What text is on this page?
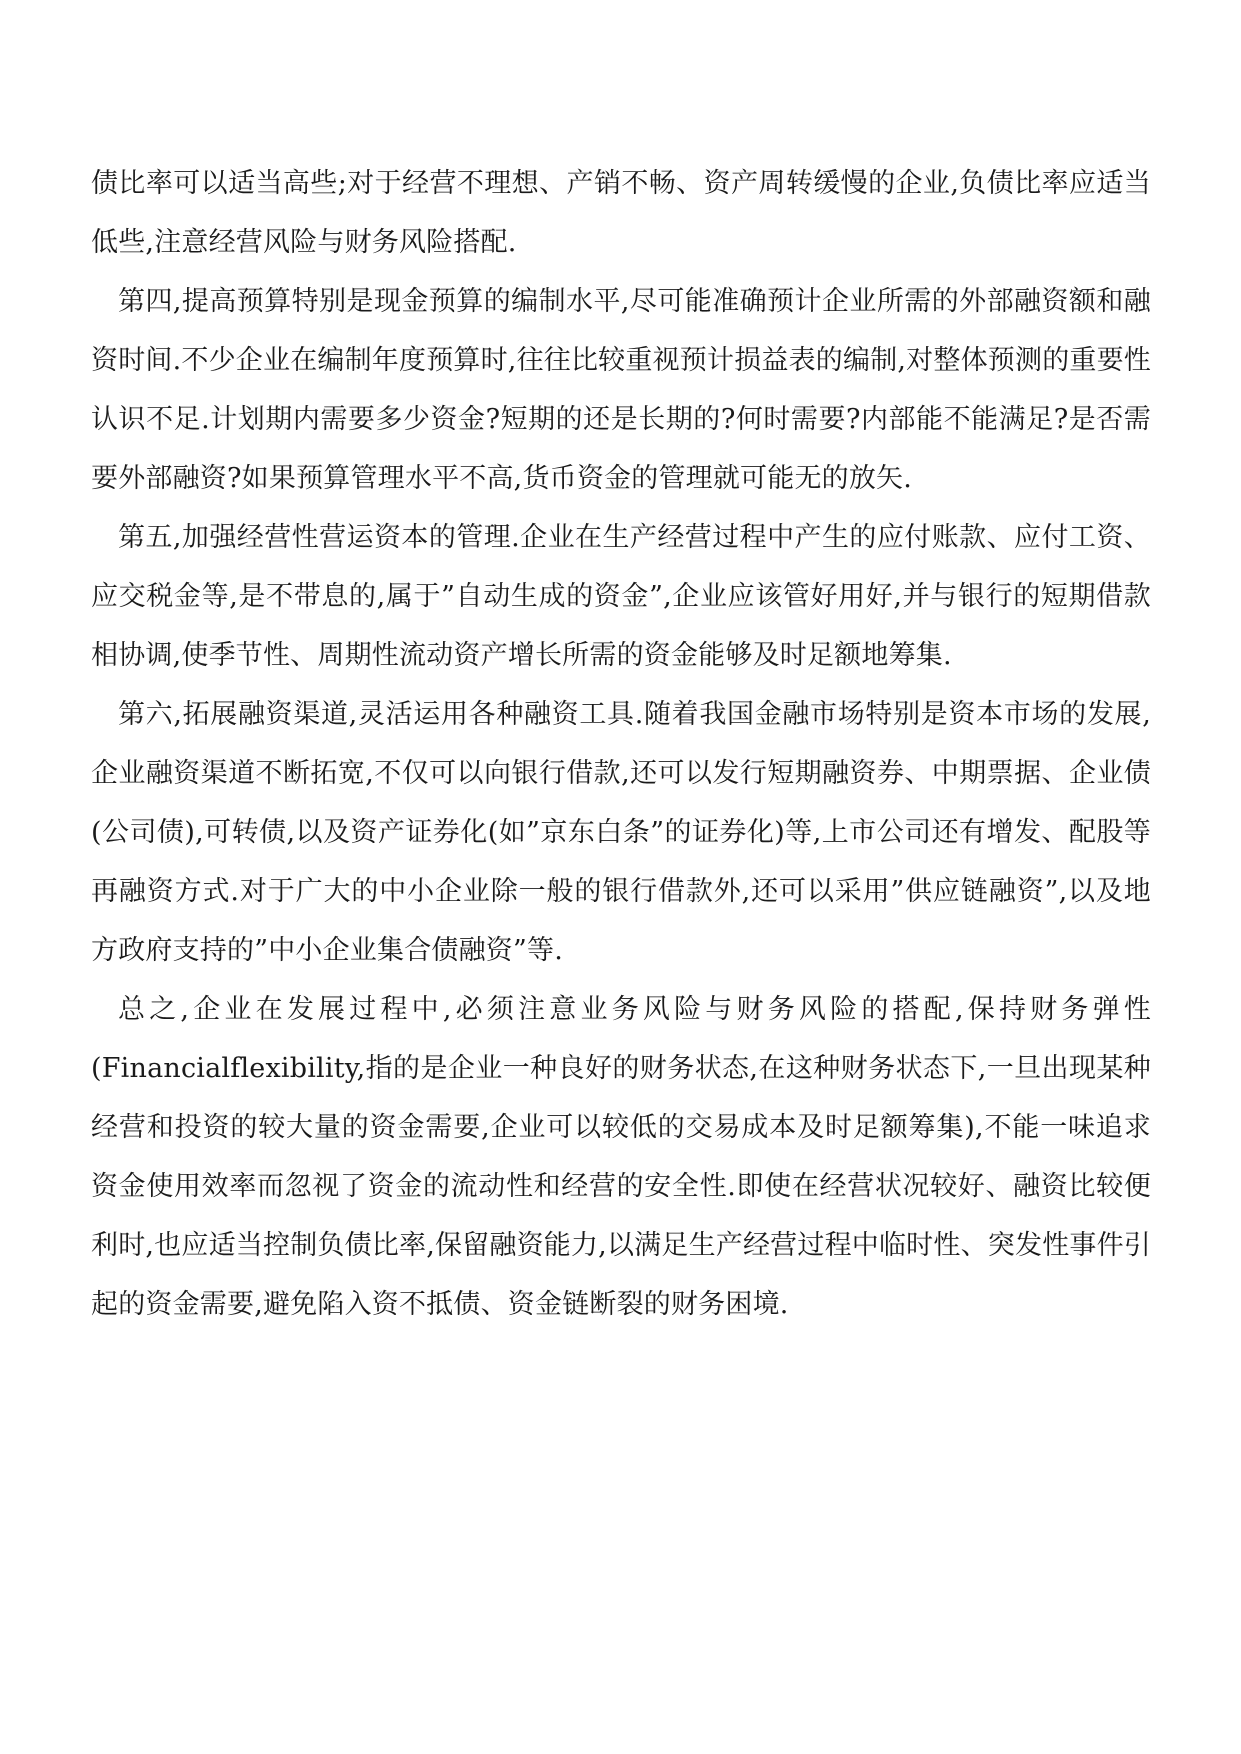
债比率可以适当高些;对于经营不理想、产销不畅、资产周转缓慢的企业,负债比率应适当低些,注意经营风险与财务风险搭配.

第四,提高预算特别是现金预算的编制水平,尽可能准确预计企业所需的外部融资额和融资时间.不少企业在编制年度预算时,往往比较重视预计损益表的编制,对整体预测的重要性认识不足.计划期内需要多少资金?短期的还是长期的?何时需要?内部能不能满足?是否需要外部融资?如果预算管理水平不高,货币资金的管理就可能无的放矢.

第五,加强经营性营运资本的管理.企业在生产经营过程中产生的应付账款、应付工资、应交税金等,是不带息的,属于”自动生成的资金”,企业应该管好用好,并与银行的短期借款相协调,使季节性、周期性流动资产增长所需的资金能够及时足额地筹集.

第六,拓展融资渠道,灵活运用各种融资工具.随着我国金融市场特别是资本市场的发展,企业融资渠道不断拓宽,不仅可以向银行借款,还可以发行短期融资券、中期票据、企业债(公司债),可转债,以及资产证券化(如”京东白条”的证券化)等,上市公司还有增发、配股等再融资方式.对于广大的中小企业除一般的银行借款外,还可以采用”供应链融资”,以及地方政府支持的”中小企业集合债融资”等.

总之,企业在发展过程中,必须注意业务风险与财务风险的搭配,保持财务弹性(Financialflexibility,指的是企业一种良好的财务状态,在这种财务状态下,一旦出现某种经营和投资的较大量的资金需要,企业可以较低的交易成本及时足额筹集),不能一味追求资金使用效率而忽视了资金的流动性和经营的安全性.即使在经营状况较好、融资比较便利时,也应适当控制负债比率,保留融资能力,以满足生产经营过程中临时性、突发性事件引起的资金需要,避免陷入资不抵债、资金链断裂的财务困境.
